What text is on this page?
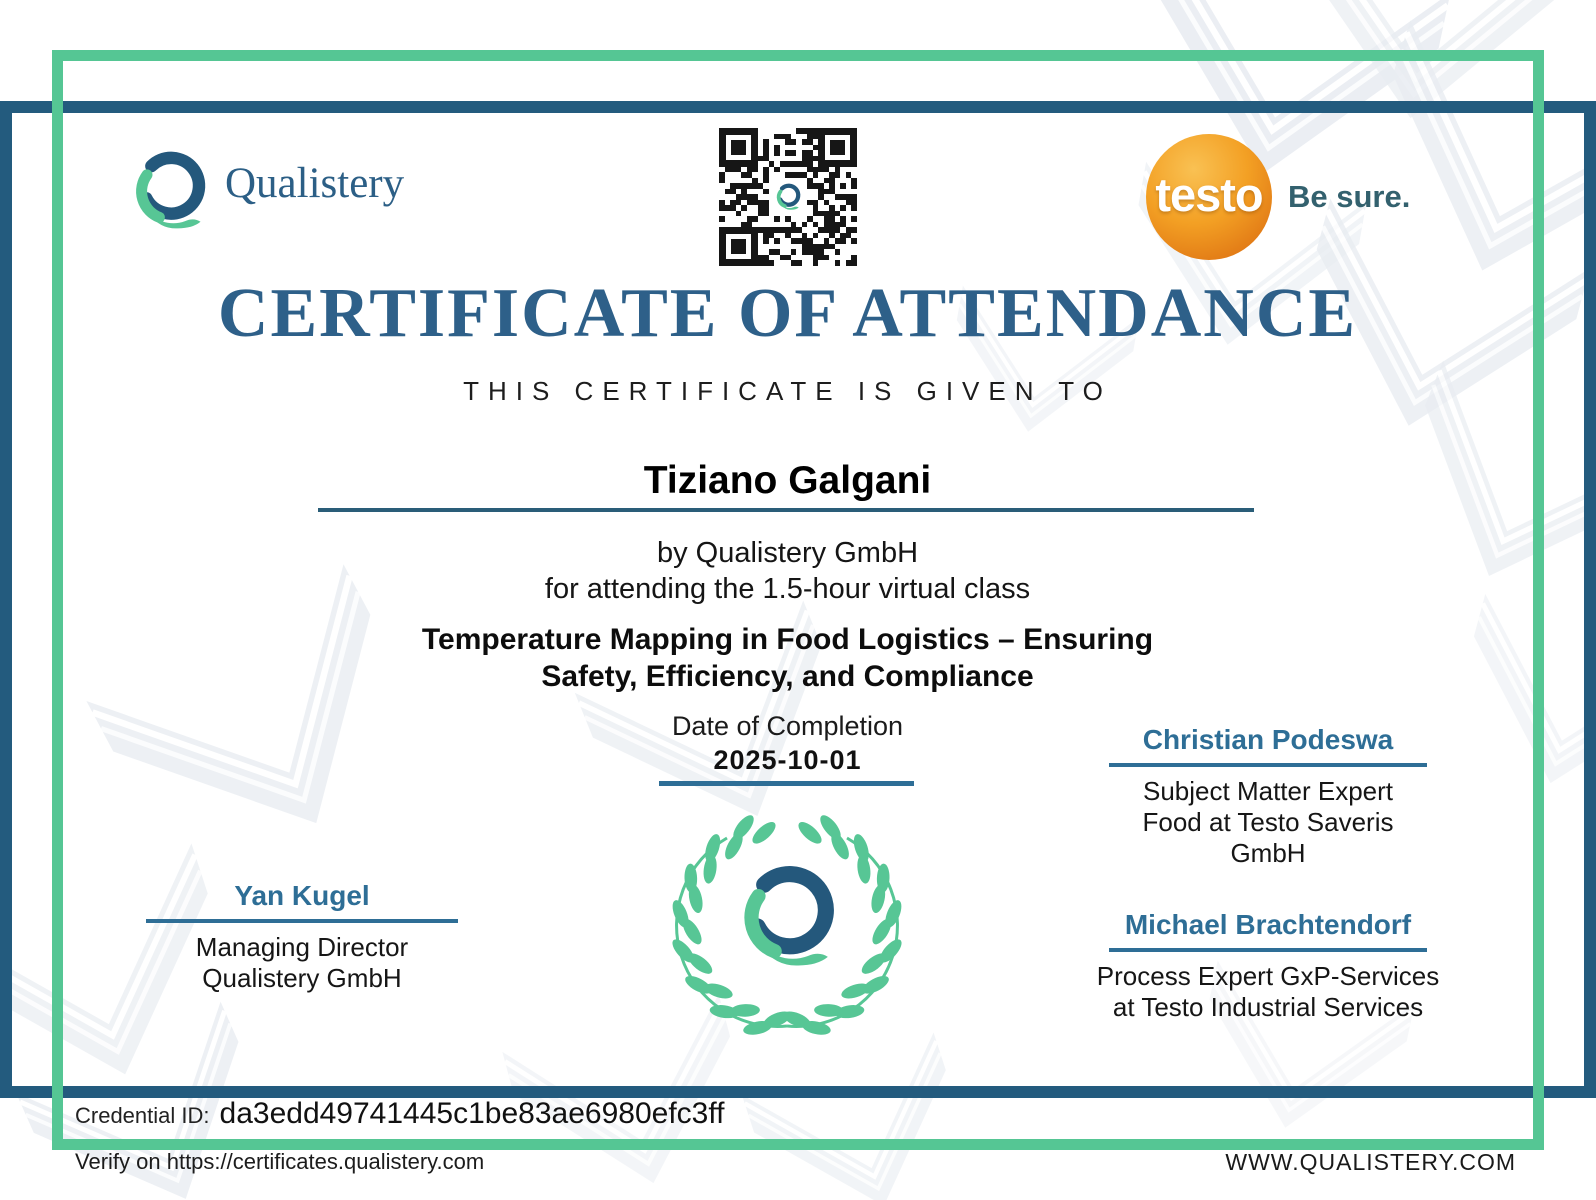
Qualistery	testo Be sure.
CERTIFICATE OF ATTENDANCE
THIS CERTIFICATE IS GIVEN TO
Tiziano Galgani
by Qualistery GmbH
for attending the 1.5-hour virtual class
Temperature Mapping in Food Logistics – Ensuring
Safety, Efficiency, and Compliance
Date of Completion
2025-10-01
Yan Kugel
Managing Director
Qualistery GmbH
Christian Podeswa
Subject Matter Expert
Food at Testo Saveris
GmbH
Michael Brachtendorf
Process Expert GxP-Services
at Testo Industrial Services
Credential ID: da3edd49741445c1be83ae6980efc3ff
Verify on https://certificates.qualistery.com	WWW.QUALISTERY.COM
